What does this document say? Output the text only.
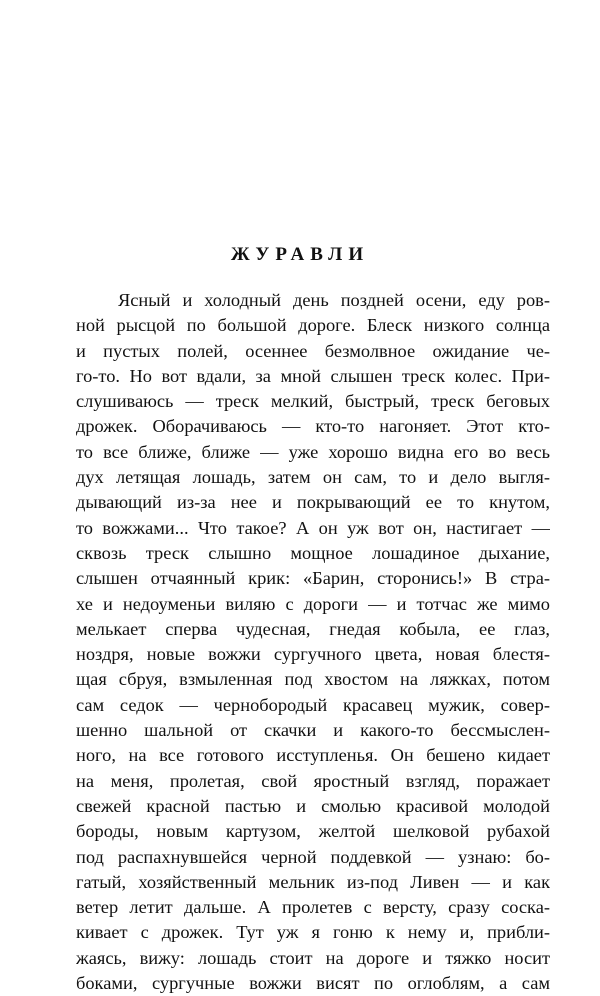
ЖУРАВЛИ
Ясный и холодный день поздней осени, еду ров-
ной рысцой по большой дороге. Блеск низкого солнца
и пустых полей, осеннее безмолвное ожидание че-
го-то. Но вот вдали, за мной слышен треск колес. При-
слушиваюсь — треск мелкий, быстрый, треск беговых
дрожек. Оборачиваюсь — кто-то нагоняет. Этот кто-
то все ближе, ближе — уже хорошо видна его во весь
дух летящая лошадь, затем он сам, то и дело выгля-
дывающий из-за нее и покрывающий ее то кнутом,
то вожжами... Что такое? А он уж вот он, настигает —
сквозь треск слышно мощное лошадиное дыхание,
слышен отчаянный крик: «Барин, сторонись!» В стра-
хе и недоуменьи виляю с дороги — и тотчас же мимо
мелькает сперва чудесная, гнедая кобыла, ее глаз,
ноздря, новые вожжи сургучного цвета, новая блестя-
щая сбруя, взмыленная под хвостом на ляжках, потом
сам седок — чернобородый красавец мужик, совер-
шенно шальной от скачки и какого-то бессмыслен-
ного, на все готового исступленья. Он бешено кидает
на меня, пролетая, свой яростный взгляд, поражает
свежей красной пастью и смолью красивой молодой
бороды, новым картузом, желтой шелковой рубахой
под распахнувшейся черной поддевкой — узнаю: бо-
гатый, хозяйственный мельник из-под Ливен — и как
ветер летит дальше. А пролетев с версту, сразу соска-
кивает с дрожек. Тут уж я гоню к нему и, прибли-
жаясь, вижу: лошадь стоит на дороге и тяжко носит
боками, сургучные вожжи висят по оглоблям, а сам
